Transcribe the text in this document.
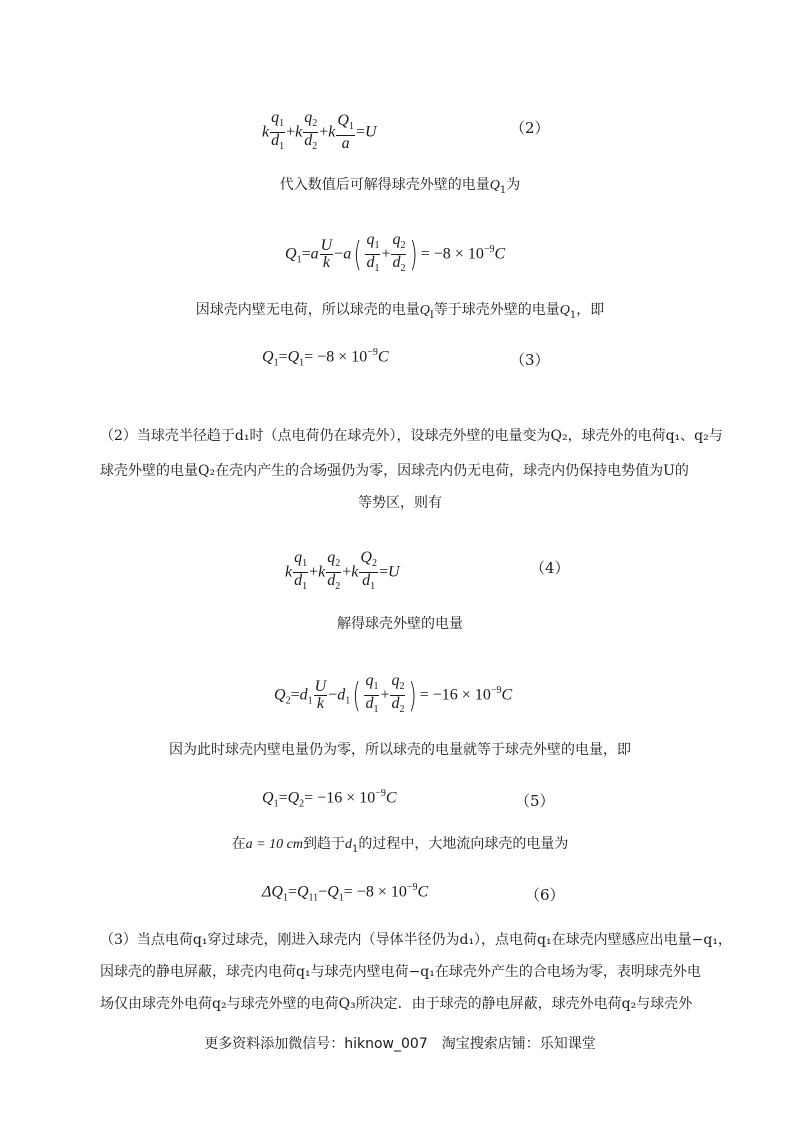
k $\frac{q_1}{d_1} +k \frac{q_2}{d_2} +k \frac{Q_1}{a} =U$	（2）
代入数值后可解得球壳外壁的电量$Q_1$为
$Q_1=a \frac{U}{k} -a( \frac{q_1}{d_1} + \frac{q_2}{d_2}$ ) = $-8 \times 10^{-9}C$
因球壳内壁无电荷，所以球壳的电量$Q_I$等于球壳外壁的电量$Q_1$，即
$Q_1=Q_1= -8 \times 10^{-9}C$	（3）
（2）当球壳半径趋于d₁时（点电荷仍在球壳外），设球壳外壁的电量变为Q₂，球壳外的电荷q₁、q₂与
球壳外壁的电量Q₂在壳内产生的合场强仍为零，因球壳内仍无电荷，球壳内仍保持电势值为U的
等势区，则有
k $\frac{q_1}{d_1} +k \frac{q_2}{d_2} +k \frac{Q_2}{d_1} =U$	（4）
解得球壳外壁的电量
$Q_2=d_1 \frac{U}{k} -d_1( \frac{q_1}{d_1} + \frac{q_2}{d_2}$ ) = $-16 \times 10^{-9}C$
因为此时球壳内壁电量仍为零，所以球壳的电量就等于球壳外壁的电量，即
$Q_1=Q_2= -16 \times 10^{-9}C$	（5）
在a = 10 cm到趋于$d_1$的过程中，大地流向球壳的电量为
$\Delta Q_1=Q_{11}-Q_1= -8 \times 10^{-9}C$	（6）
（3）当点电荷q₁穿过球壳，刚进入球壳内（导体半径仍为d₁），点电荷q₁在球壳内壁感应出电量−q₁，
因球壳的静电屏蔽，球壳内电荷q₁与球壳内壁电荷−q₁在球壳外产生的合电场为零，表明球壳外电
场仅由球壳外电荷q₂与球壳外壁的电荷Q₃所决定．由于球壳的静电屏蔽，球壳外电荷q₂与球壳外
更多资料添加微信号：hiknow_007　淘宝搜索店铺：乐知课堂
